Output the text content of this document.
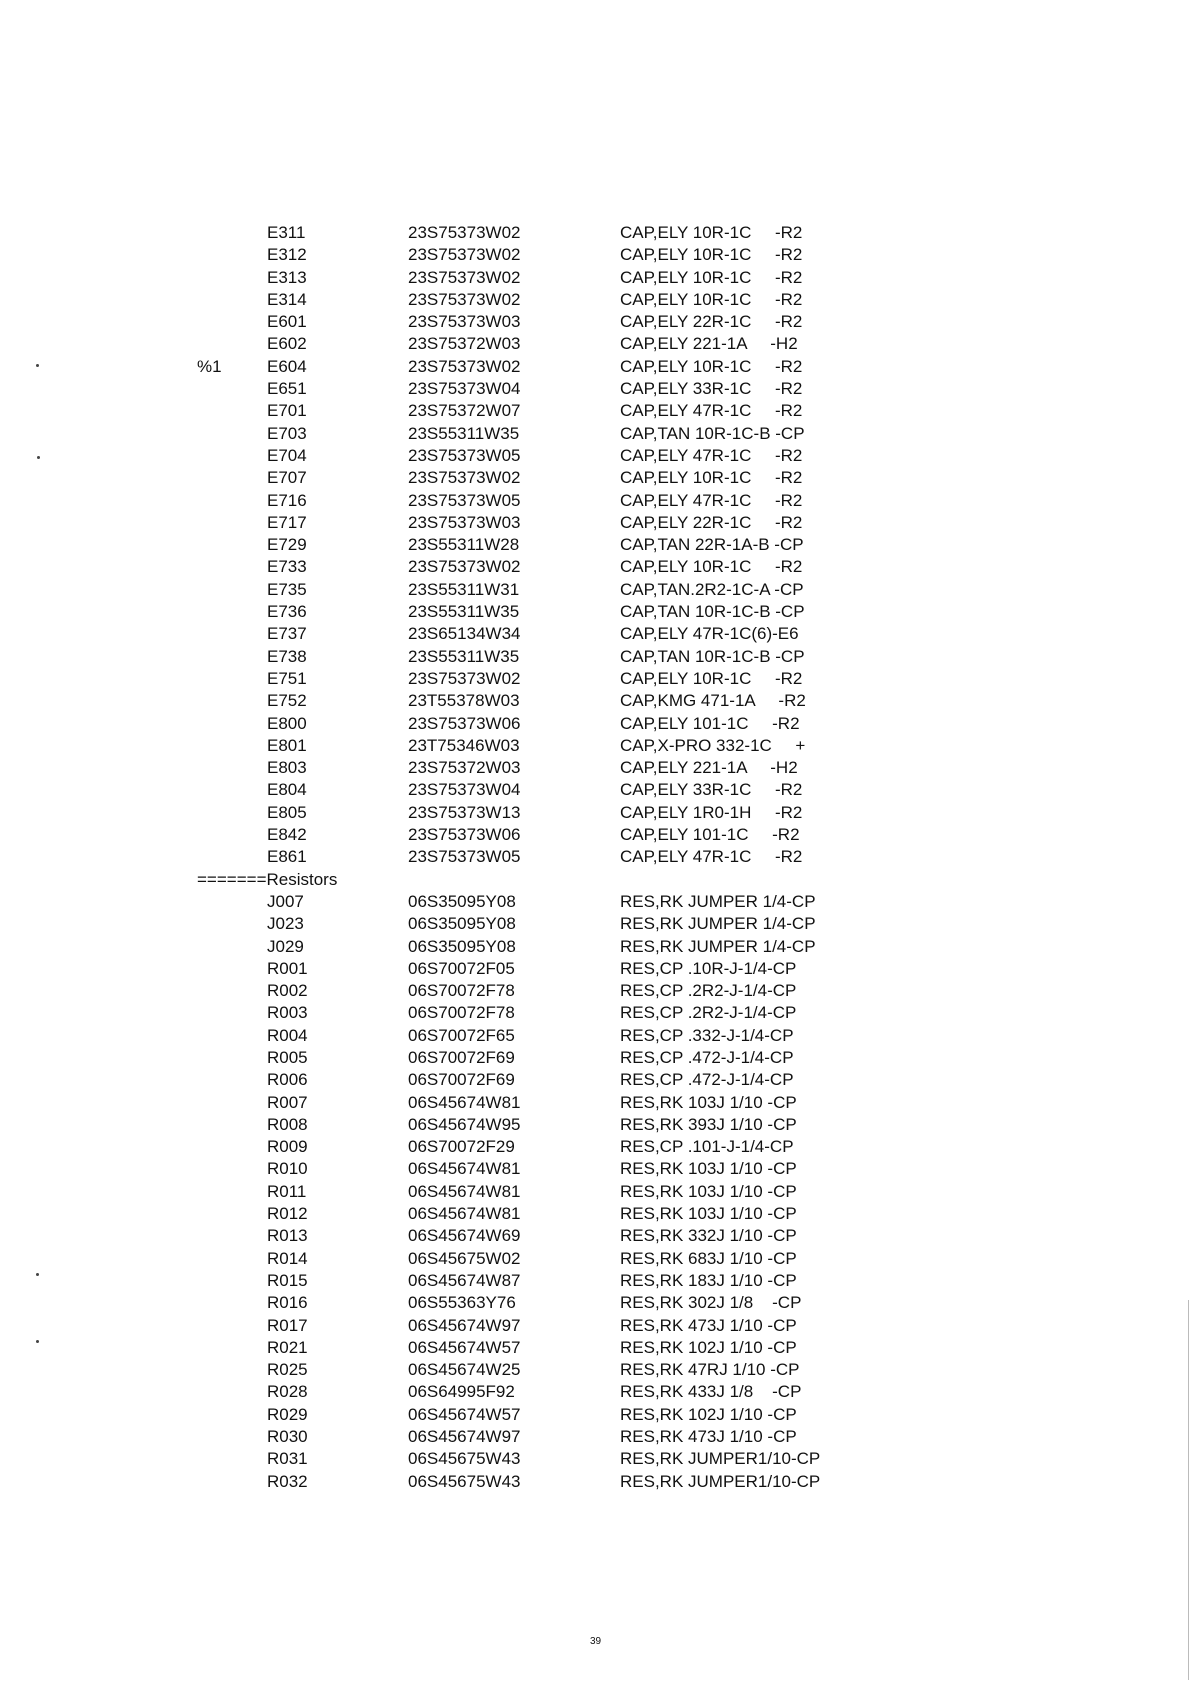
E311	23S75373W02	CAP,ELY 10R-1C     -R2
E312	23S75373W02	CAP,ELY 10R-1C     -R2
E313	23S75373W02	CAP,ELY 10R-1C     -R2
E314	23S75373W02	CAP,ELY 10R-1C     -R2
E601	23S75373W03	CAP,ELY 22R-1C     -R2
E602	23S75372W03	CAP,ELY 221-1A     -H2
%1	E604	23S75373W02	CAP,ELY 10R-1C     -R2
E651	23S75373W04	CAP,ELY 33R-1C     -R2
E701	23S75372W07	CAP,ELY 47R-1C     -R2
E703	23S55311W35	CAP,TAN 10R-1C-B -CP
E704	23S75373W05	CAP,ELY 47R-1C     -R2
E707	23S75373W02	CAP,ELY 10R-1C     -R2
E716	23S75373W05	CAP,ELY 47R-1C     -R2
E717	23S75373W03	CAP,ELY 22R-1C     -R2
E729	23S55311W28	CAP,TAN 22R-1A-B -CP
E733	23S75373W02	CAP,ELY 10R-1C     -R2
E735	23S55311W31	CAP,TAN.2R2-1C-A -CP
E736	23S55311W35	CAP,TAN 10R-1C-B -CP
E737	23S65134W34	CAP,ELY 47R-1C(6)-E6
E738	23S55311W35	CAP,TAN 10R-1C-B -CP
E751	23S75373W02	CAP,ELY 10R-1C     -R2
E752	23T55378W03	CAP,KMG 471-1A     -R2
E800	23S75373W06	CAP,ELY 101-1C     -R2
E801	23T75346W03	CAP,X-PRO 332-1C     +
E803	23S75372W03	CAP,ELY 221-1A     -H2
E804	23S75373W04	CAP,ELY 33R-1C     -R2
E805	23S75373W13	CAP,ELY 1R0-1H     -R2
E842	23S75373W06	CAP,ELY 101-1C     -R2
E861	23S75373W05	CAP,ELY 47R-1C     -R2

=======Resistors

J007	06S35095Y08	RES,RK JUMPER 1/4-CP
J023	06S35095Y08	RES,RK JUMPER 1/4-CP
J029	06S35095Y08	RES,RK JUMPER 1/4-CP
R001	06S70072F05	RES,CP .10R-J-1/4-CP
R002	06S70072F78	RES,CP .2R2-J-1/4-CP
R003	06S70072F78	RES,CP .2R2-J-1/4-CP
R004	06S70072F65	RES,CP .332-J-1/4-CP
R005	06S70072F69	RES,CP .472-J-1/4-CP
R006	06S70072F69	RES,CP .472-J-1/4-CP
R007	06S45674W81	RES,RK 103J 1/10 -CP
R008	06S45674W95	RES,RK 393J 1/10 -CP
R009	06S70072F29	RES,CP .101-J-1/4-CP
R010	06S45674W81	RES,RK 103J 1/10 -CP
R011	06S45674W81	RES,RK 103J 1/10 -CP
R012	06S45674W81	RES,RK 103J 1/10 -CP
R013	06S45674W69	RES,RK 332J 1/10 -CP
R014	06S45675W02	RES,RK 683J 1/10 -CP
R015	06S45674W87	RES,RK 183J 1/10 -CP
R016	06S55363Y76	RES,RK 302J 1/8    -CP
R017	06S45674W97	RES,RK 473J 1/10 -CP
R021	06S45674W57	RES,RK 102J 1/10 -CP
R025	06S45674W25	RES,RK 47RJ 1/10 -CP
R028	06S64995F92	RES,RK 433J 1/8    -CP
R029	06S45674W57	RES,RK 102J 1/10 -CP
R030	06S45674W97	RES,RK 473J 1/10 -CP
R031	06S45675W43	RES,RK JUMPER1/10-CP
R032	06S45675W43	RES,RK JUMPER1/10-CP
39
